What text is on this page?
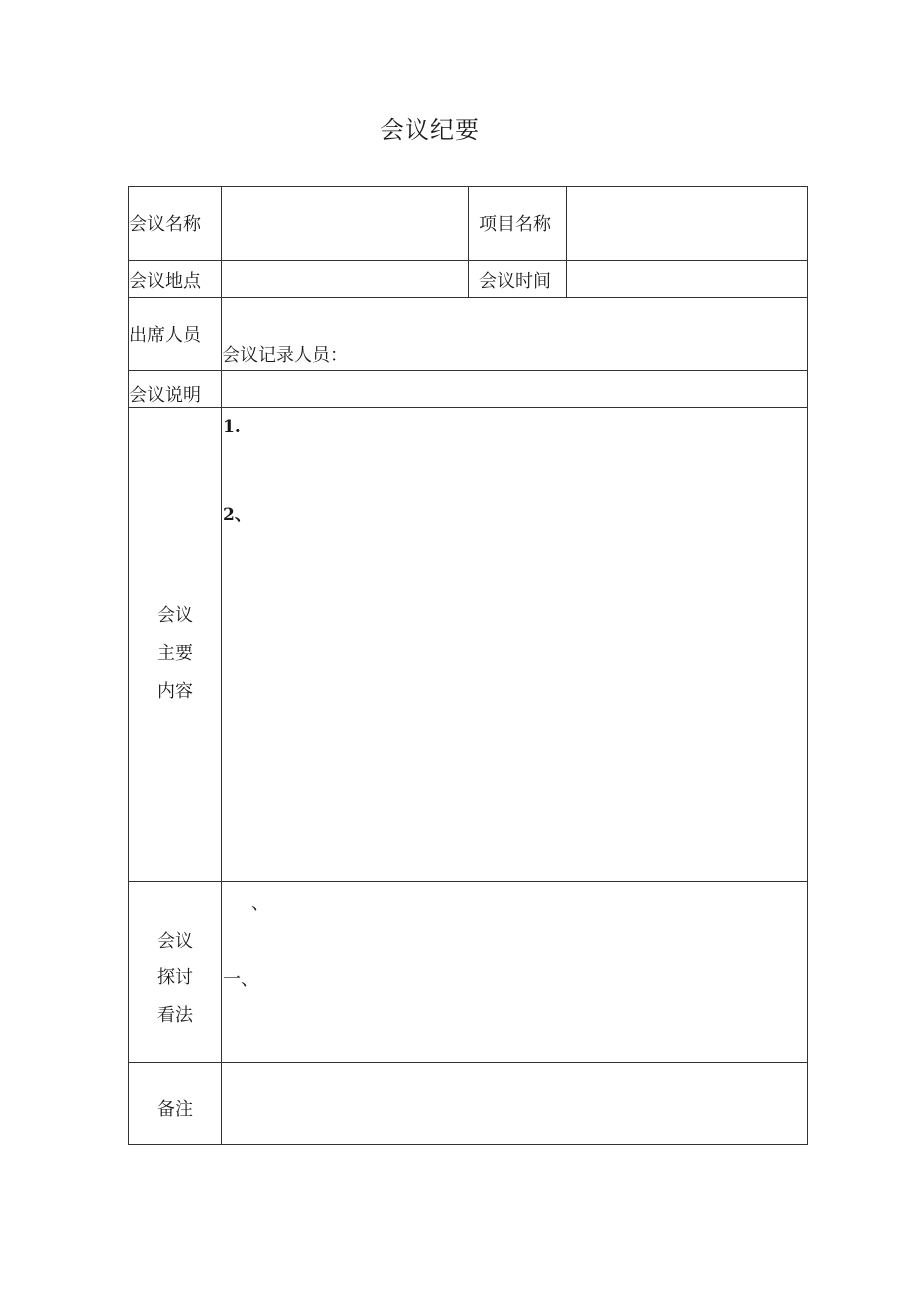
会议纪要
会议名称	项目名称
会议地点	会议时间
出席人员
会议记录人员：
会议说明
会议
主要
内容
1.
2、
会议
探讨
看法
、
一、
备注
